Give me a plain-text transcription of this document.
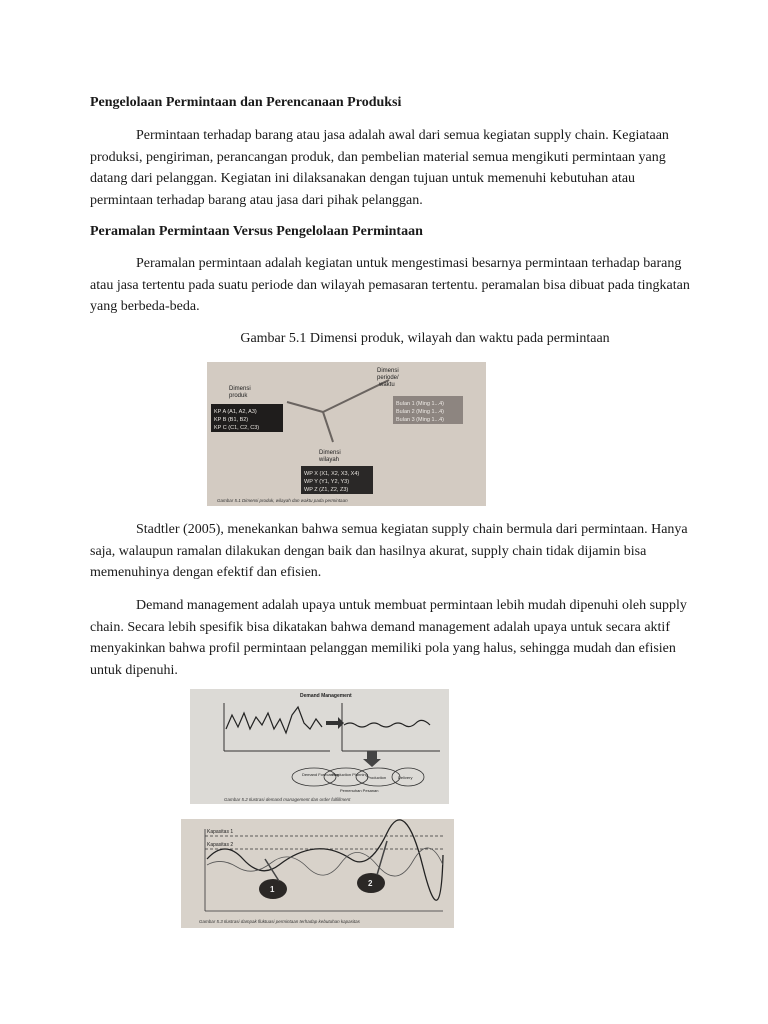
Pengelolaan Permintaan dan Perencanaan Produksi

Permintaan terhadap barang atau jasa adalah awal dari semua kegiatan supply chain. Kegiataan produksi, pengiriman, perancangan produk, dan pembelian material semua mengikuti permintaan yang datang dari pelanggan. Kegiatan ini dilaksanakan dengan tujuan untuk memenuhi kebutuhan atau permintaan terhadap barang atau jasa dari pihak pelanggan.

Peramalan Permintaan Versus Pengelolaan Permintaan

Peramalan permintaan adalah kegiatan untuk mengestimasi besarnya permintaan terhadap barang atau jasa tertentu pada suatu periode dan wilayah pemasaran tertentu. peramalan bisa dibuat pada tingkatan yang berbeda-beda.

Gambar 5.1 Dimensi produk, wilayah dan waktu pada permintaan
Dimensi
produk
Dimensi
periode/
waktu
Dimensi
wilayah
KP A (A1, A2, A3)
KP B (B1, B2)
KP C (C1, C2, C3)
Bulan 1 (Ming 1...4)
Bulan 2 (Ming 1...4)
Bulan 3 (Ming 1...4)
WP X (X1, X2, X3, X4)
WP Y (Y1, Y2, Y3)
WP Z (Z1, Z2, Z3)
Gambar 5.1 Dimensi produk, wilayah dan waktu pada permintaan

Stadtler (2005), menekankan bahwa semua kegiatan supply chain bermula dari permintaan. Hanya saja, walaupun ramalan dilakukan dengan baik dan hasilnya akurat, supply chain tidak dijamin bisa memenuhinya dengan efektif dan efisien.

Demand management adalah upaya untuk membuat permintaan lebih mudah dipenuhi oleh supply chain. Secara lebih spesifik bisa dikatakan bahwa demand management adalah upaya untuk secara aktif menyakinkan bahwa profil permintaan pelanggan memiliki pola yang halus, sehingga mudah dan efisien untuk dipenuhi.

Demand Management
Demand Forecasting
Production Planning
Production	Delivery
Pemenuhan Pesanan
Gambar 5.2 Ilustrasi demand management dan order fulfillment
Kapasitas 1
Kapasitas 2
1
2
Gambar 5.3 Ilustrasi dampak fluktuasi permintaan terhadap kebutuhan kapasitas
